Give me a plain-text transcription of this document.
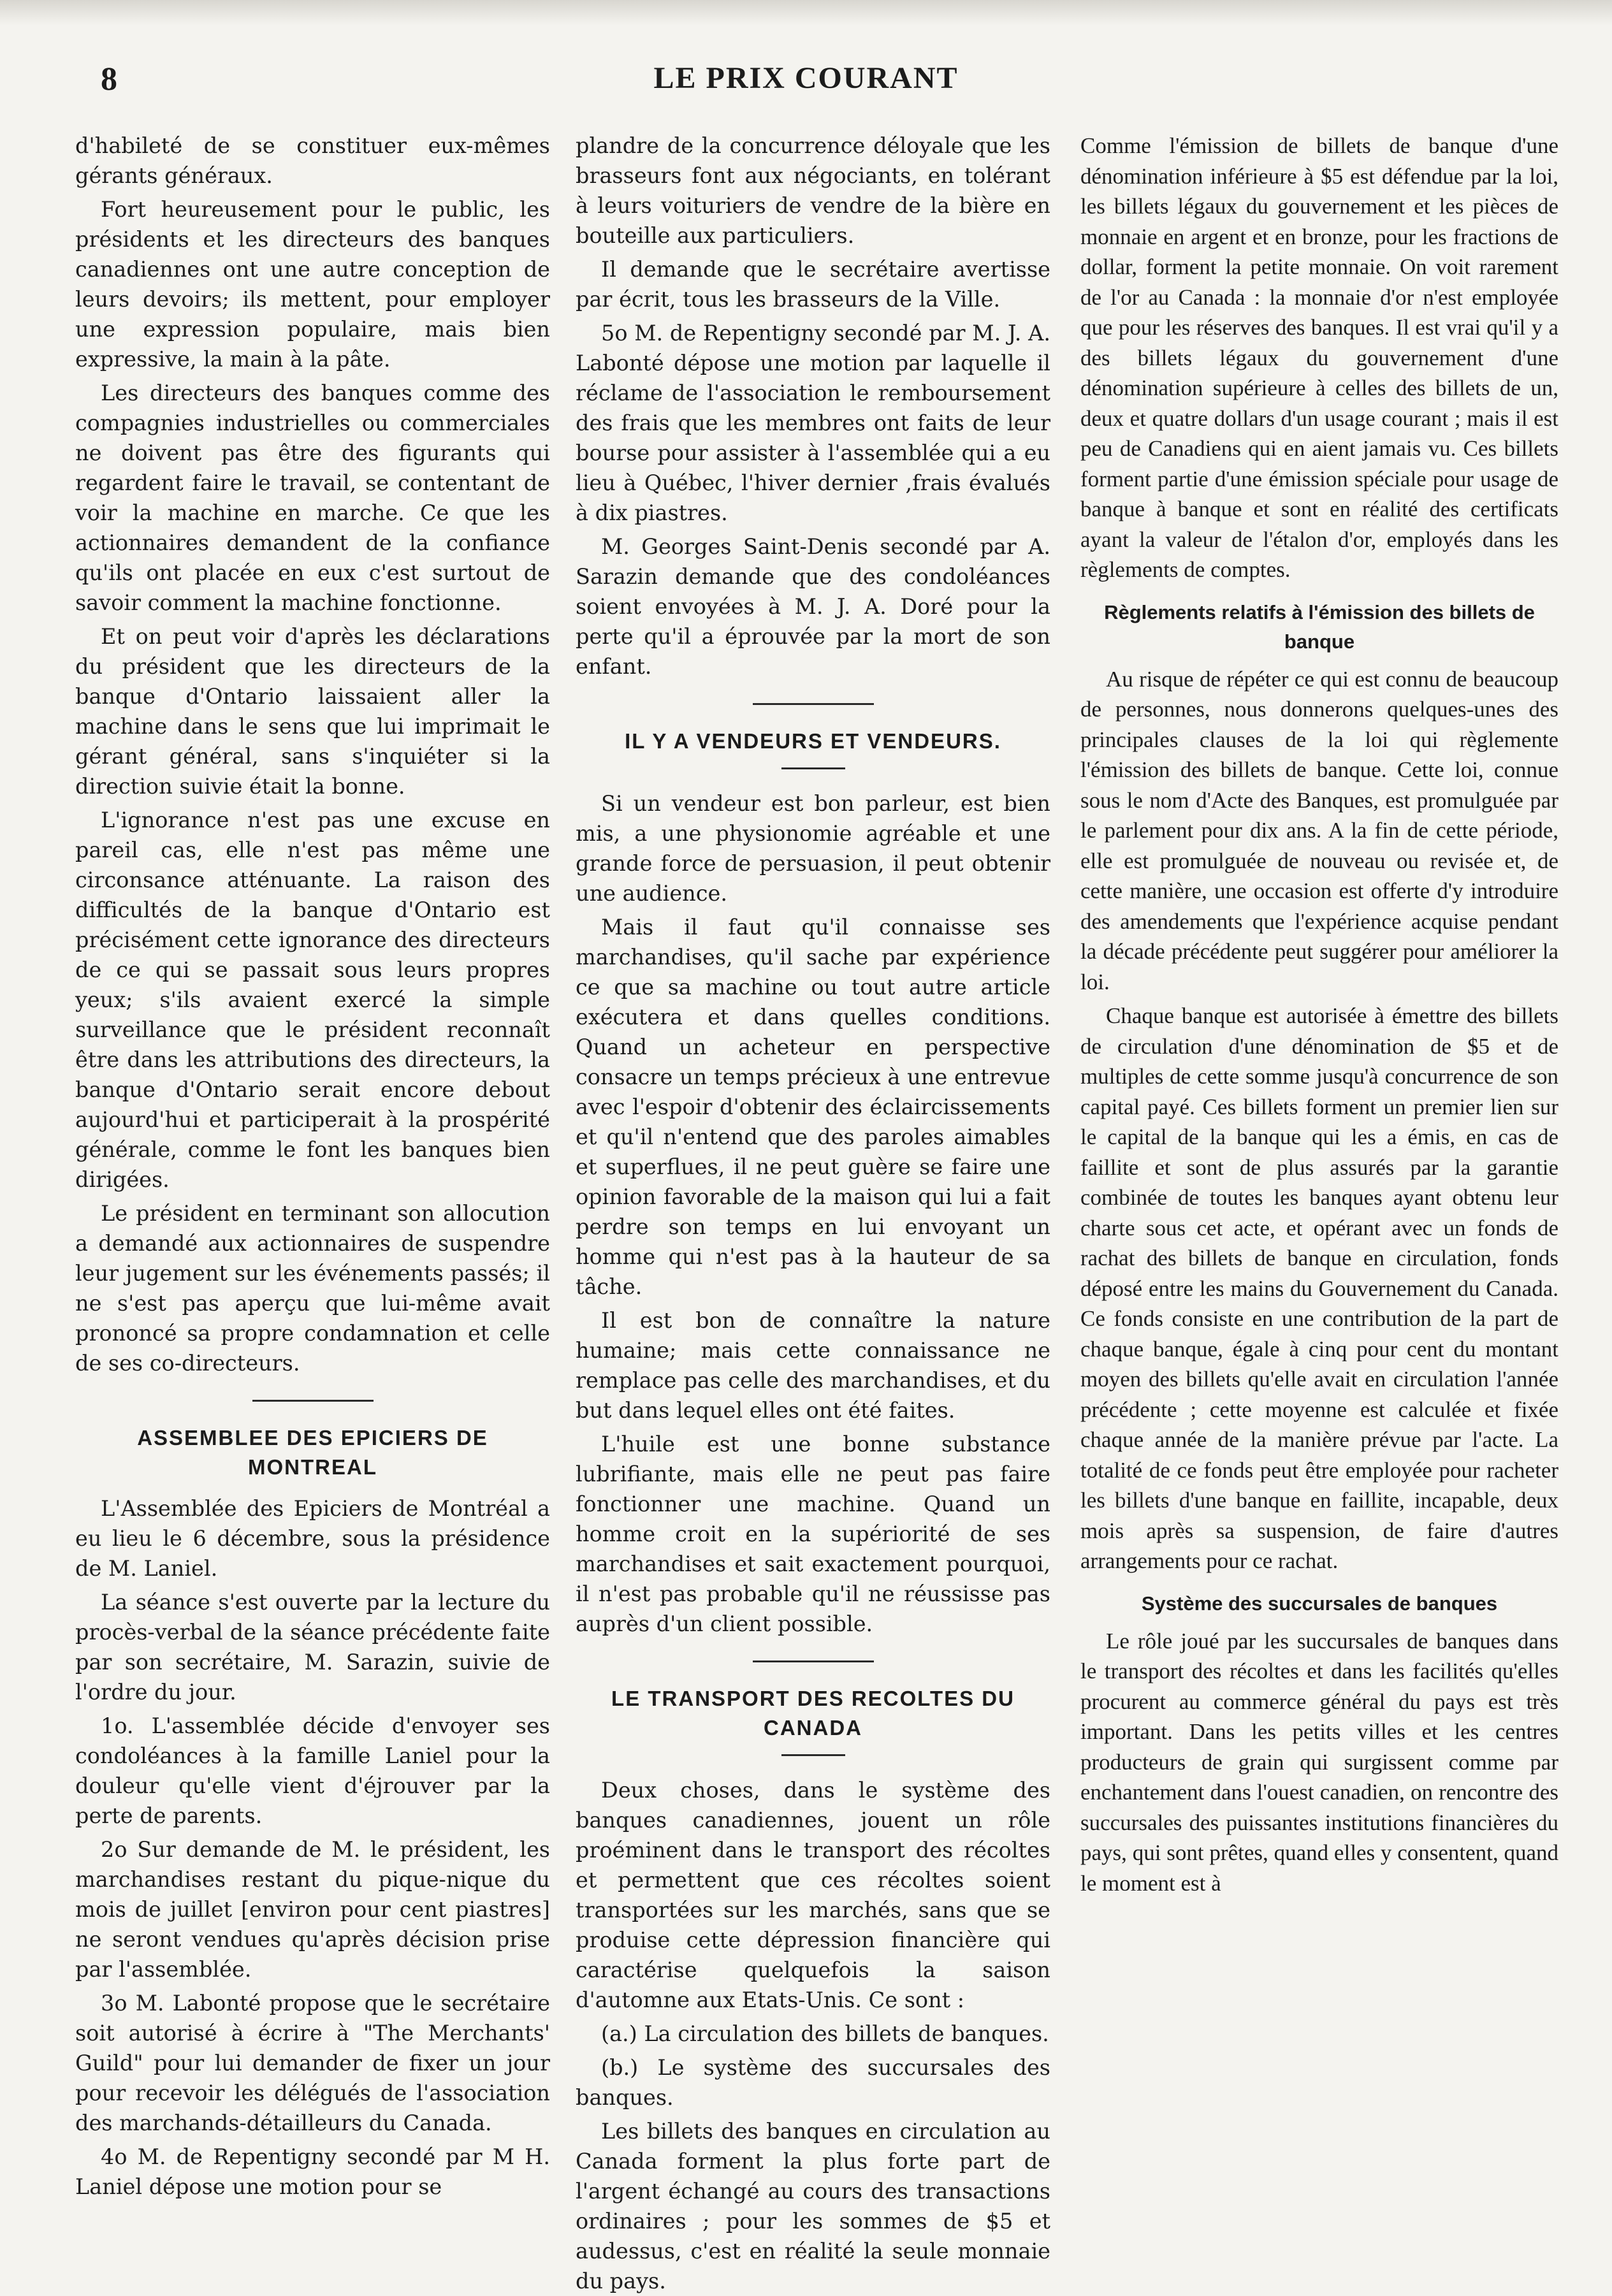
LE PRIX COURANT
8

d'habileté de se constituer eux-mêmes gérants généraux.

Fort heureusement pour le public, les présidents et les directeurs des banques canadiennes ont une autre conception de leurs devoirs; ils mettent, pour employer une expression populaire, mais bien expressive, la main à la pâte.

Les directeurs des banques comme des compagnies industrielles ou commerciales ne doivent pas être des figurants qui regardent faire le travail, se contentant de voir la machine en marche. Ce que les actionnaires demandent de la confiance qu'ils ont placée en eux c'est surtout de savoir comment la machine fonctionne.

Et on peut voir d'après les déclarations du président que les directeurs de la banque d'Ontario laissaient aller la machine dans le sens que lui imprimait le gérant général, sans s'inquiéter si la direction suivie était la bonne.

L'ignorance n'est pas une excuse en pareil cas, elle n'est pas même une circonsance atténuante. La raison des difficultés de la banque d'Ontario est précisément cette ignorance des directeurs de ce qui se passait sous leurs propres yeux; s'ils avaient exercé la simple surveillance que le président reconnaît être dans les attributions des directeurs, la banque d'Ontario serait encore debout aujourd'hui et participerait à la prospérité générale, comme le font les banques bien dirigées.

Le président en terminant son allocution a demandé aux actionnaires de suspendre leur jugement sur les événements passés; il ne s'est pas aperçu que lui-même avait prononcé sa propre condamnation et celle de ses co-directeurs.

ASSEMBLEE DES EPICIERS DE MONTREAL

L'Assemblée des Epiciers de Montréal a eu lieu le 6 décembre, sous la présidence de M. Laniel.

La séance s'est ouverte par la lecture du procès-verbal de la séance précédente faite par son secrétaire, M. Sarazin, suivie de l'ordre du jour.

1o. L'assemblée décide d'envoyer ses condoléances à la famille Laniel pour la douleur qu'elle vient d'éjrouver par la perte de parents.

2o Sur demande de M. le président, les marchandises restant du pique-nique du mois de juillet [environ pour cent piastres] ne seront vendues qu'après décision prise par l'assemblée.

3o M. Labonté propose que le secrétaire soit autorisé à écrire à "The Merchants' Guild" pour lui demander de fixer un jour pour recevoir les délégués de l'association des marchands-détailleurs du Canada.

4o M. de Repentigny secondé par M H. Laniel dépose une motion pour se

plandre de la concurrence déloyale que les brasseurs font aux négociants, en tolérant à leurs voituriers de vendre de la bière en bouteille aux particuliers.

Il demande que le secrétaire avertisse par écrit, tous les brasseurs de la Ville.

5o M. de Repentigny secondé par M. J. A. Labonté dépose une motion par laquelle il réclame de l'association le remboursement des frais que les membres ont faits de leur bourse pour assister à l'assemblée qui a eu lieu à Québec, l'hiver dernier ,frais évalués à dix piastres.

M. Georges Saint-Denis secondé par A. Sarazin demande que des condoléances soient envoyées à M. J. A. Doré pour la perte qu'il a éprouvée par la mort de son enfant.

IL Y A VENDEURS ET VENDEURS.

Si un vendeur est bon parleur, est bien mis, a une physionomie agréable et une grande force de persuasion, il peut obtenir une audience.

Mais il faut qu'il connaisse ses marchandises, qu'il sache par expérience ce que sa machine ou tout autre article exécutera et dans quelles conditions. Quand un acheteur en perspective consacre un temps précieux à une entrevue avec l'espoir d'obtenir des éclaircissements et qu'il n'entend que des paroles aimables et superflues, il ne peut guère se faire une opinion favorable de la maison qui lui a fait perdre son temps en lui envoyant un homme qui n'est pas à la hauteur de sa tâche.

Il est bon de connaître la nature humaine; mais cette connaissance ne remplace pas celle des marchandises, et du but dans lequel elles ont été faites.

L'huile est une bonne substance lubrifiante, mais elle ne peut pas faire fonctionner une machine. Quand un homme croit en la supériorité de ses marchandises et sait exactement pourquoi, il n'est pas probable qu'il ne réussisse pas auprès d'un client possible.

LE TRANSPORT DES RECOLTES DU CANADA

Deux choses, dans le système des banques canadiennes, jouent un rôle proéminent dans le transport des récoltes et permettent que ces récoltes soient transportées sur les marchés, sans que se produise cette dépression financière qui caractérise quelquefois la saison d'automne aux Etats-Unis. Ce sont :

(a.) La circulation des billets de banques.

(b.) Le système des succursales des banques.

Les billets des banques en circulation au Canada forment la plus forte part de l'argent échangé au cours des transactions ordinaires ; pour les sommes de $5 et audessus, c'est en réalité la seule monnaie du pays.

Comme l'émission de billets de banque d'une dénomination inférieure à $5 est défendue par la loi, les billets légaux du gouvernement et les pièces de monnaie en argent et en bronze, pour les fractions de dollar, forment la petite monnaie. On voit rarement de l'or au Canada : la monnaie d'or n'est employée que pour les réserves des banques. Il est vrai qu'il y a des billets légaux du gouvernement d'une dénomination supérieure à celles des billets de un, deux et quatre dollars d'un usage courant ; mais il est peu de Canadiens qui en aient jamais vu. Ces billets forment partie d'une émission spéciale pour usage de banque à banque et sont en réalité des certificats ayant la valeur de l'étalon d'or, employés dans les règlements de comptes.

Règlements relatifs à l'émission des billets de banque

Au risque de répéter ce qui est connu de beaucoup de personnes, nous donnerons quelques-unes des principales clauses de la loi qui règlemente l'émission des billets de banque. Cette loi, connue sous le nom d'Acte des Banques, est promulguée par le parlement pour dix ans. A la fin de cette période, elle est promulguée de nouveau ou revisée et, de cette manière, une occasion est offerte d'y introduire des amendements que l'expérience acquise pendant la décade précédente peut suggérer pour améliorer la loi.

Chaque banque est autorisée à émettre des billets de circulation d'une dénomination de $5 et de multiples de cette somme jusqu'à concurrence de son capital payé. Ces billets forment un premier lien sur le capital de la banque qui les a émis, en cas de faillite et sont de plus assurés par la garantie combinée de toutes les banques ayant obtenu leur charte sous cet acte, et opérant avec un fonds de rachat des billets de banque en circulation, fonds déposé entre les mains du Gouvernement du Canada. Ce fonds consiste en une contribution de la part de chaque banque, égale à cinq pour cent du montant moyen des billets qu'elle avait en circulation l'année précédente ; cette moyenne est calculée et fixée chaque année de la manière prévue par l'acte. La totalité de ce fonds peut être employée pour racheter les billets d'une banque en faillite, incapable, deux mois après sa suspension, de faire d'autres arrangements pour ce rachat.

Système des succursales de banques

Le rôle joué par les succursales de banques dans le transport des récoltes et dans les facilités qu'elles procurent au commerce général du pays est très important. Dans les petits villes et les centres producteurs de grain qui surgissent comme par enchantement dans l'ouest canadien, on rencontre des succursales des puissantes institutions financières du pays, qui sont prêtes, quand elles y consentent, quand le moment est à
